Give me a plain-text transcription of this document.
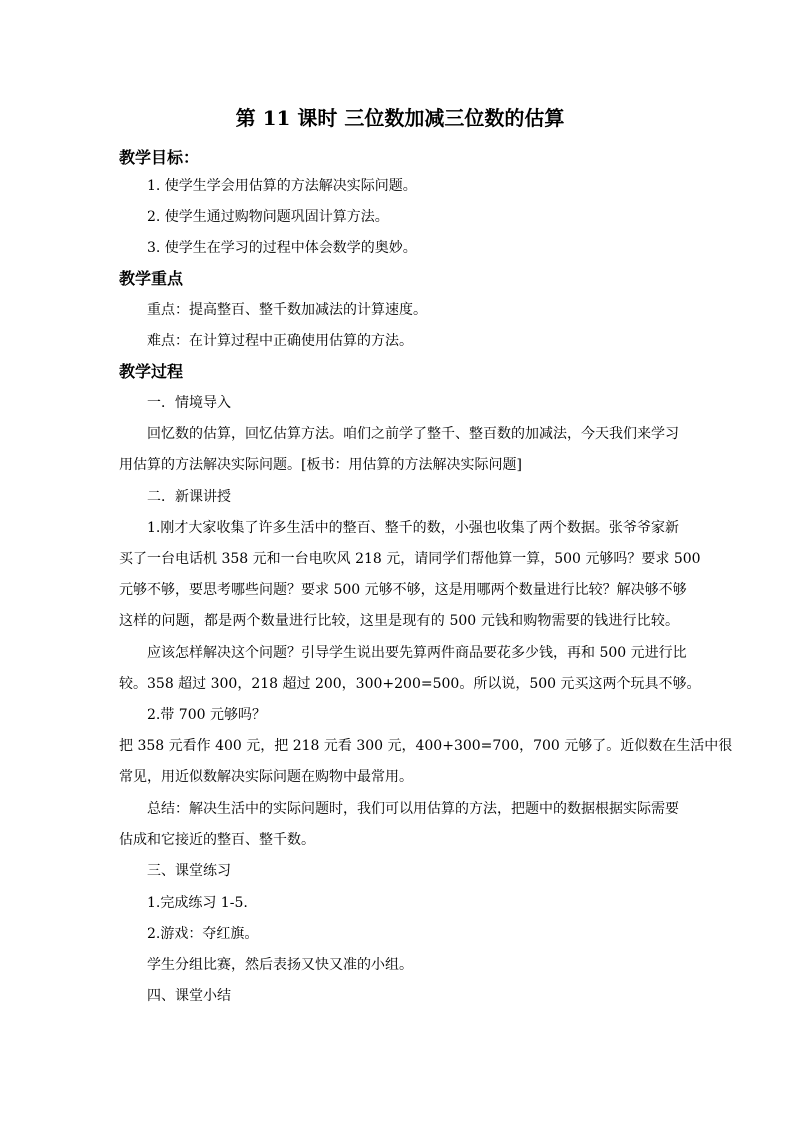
第 11 课时 三位数加减三位数的估算
教学目标：
1. 使学生学会用估算的方法解决实际问题。
2. 使学生通过购物问题巩固计算方法。
3. 使学生在学习的过程中体会数学的奥妙。
教学重点
重点：提高整百、整千数加减法的计算速度。
难点：在计算过程中正确使用估算的方法。
教学过程
一．情境导入
回忆数的估算，回忆估算方法。咱们之前学了整千、整百数的加减法，今天我们来学习
用估算的方法解决实际问题。[板书：用估算的方法解决实际问题]
二．新课讲授
1.刚才大家收集了许多生活中的整百、整千的数，小强也收集了两个数据。张爷爷家新
买了一台电话机 358 元和一台电吹风 218 元，请同学们帮他算一算，500 元够吗？要求 500
元够不够，要思考哪些问题？要求 500 元够不够，这是用哪两个数量进行比较？解决够不够
这样的问题，都是两个数量进行比较，这里是现有的 500 元钱和购物需要的钱进行比较。
应该怎样解决这个问题？引导学生说出要先算两件商品要花多少钱，再和 500 元进行比
较。358 超过 300，218 超过 200，300+200=500。所以说，500 元买这两个玩具不够。
2.带 700 元够吗？
把 358 元看作 400 元，把 218 元看 300 元，400+300=700，700 元够了。近似数在生活中很
常见，用近似数解决实际问题在购物中最常用。
总结：解决生活中的实际问题时，我们可以用估算的方法，把题中的数据根据实际需要
估成和它接近的整百、整千数。
三、课堂练习
1.完成练习 1-5.
2.游戏：夺红旗。
学生分组比赛，然后表扬又快又准的小组。
四、课堂小结
